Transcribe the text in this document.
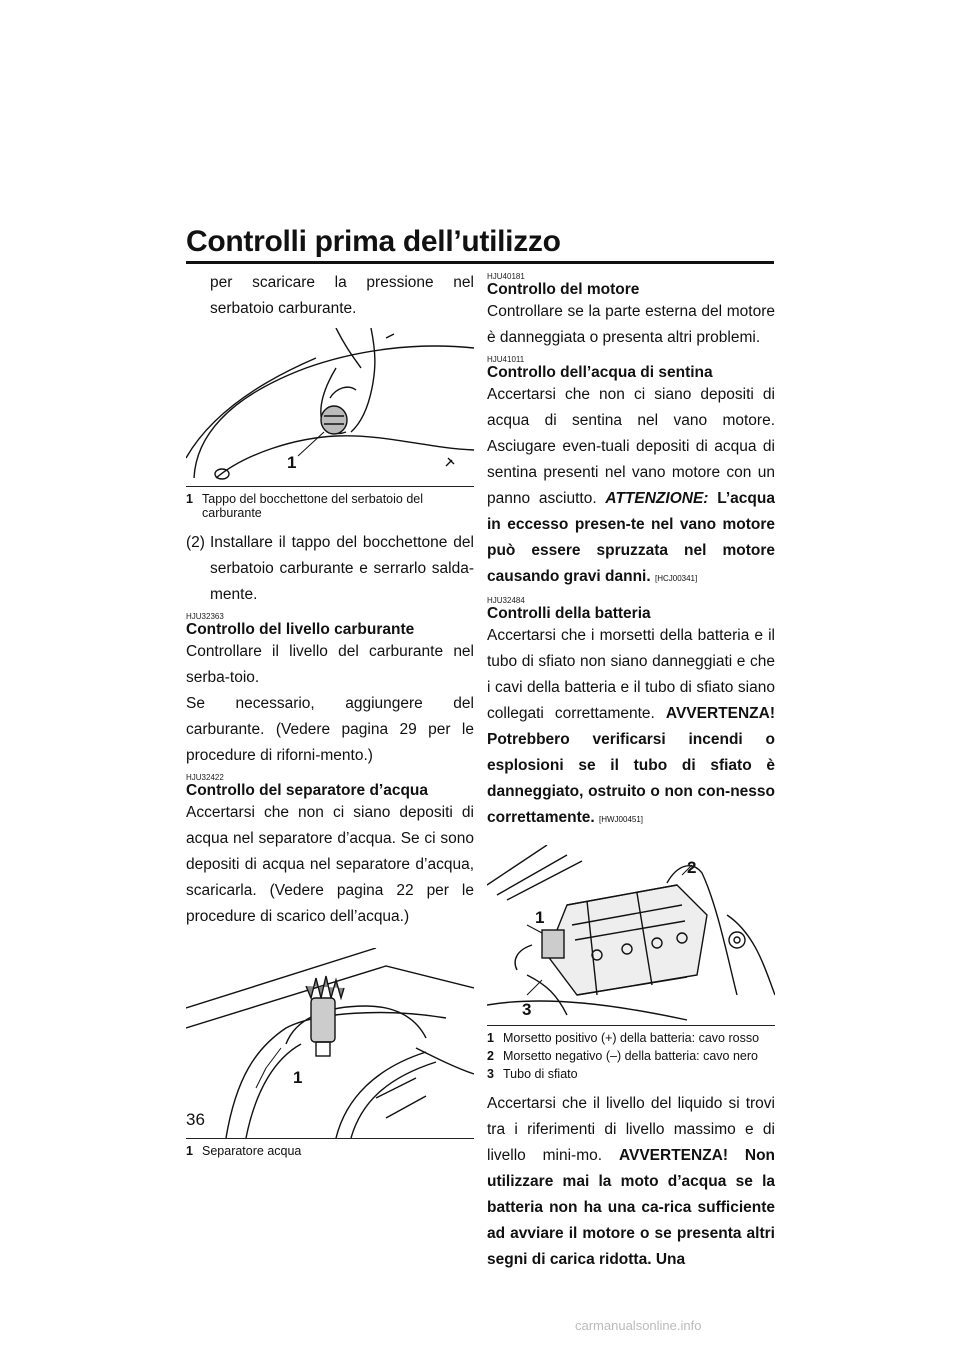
Controlli prima dell’utilizzo

per scaricare la pressione nel serbatoio carburante.

1
1 Tappo del bocchettone del serbatoio del carburante

(2) Installare il tappo del bocchettone del serbatoio carburante e serrarlo salda-mente.

HJU32363
Controllo del livello carburante

Controllare il livello del carburante nel serba-toio.

Se necessario, aggiungere del carburante. (Vedere pagina 29 per le procedure di riforni-mento.)

HJU32422
Controllo del separatore d’acqua

Accertarsi che non ci siano depositi di acqua nel separatore d’acqua. Se ci sono depositi di acqua nel separatore d’acqua, scaricarla. (Vedere pagina 22 per le procedure di scarico dell’acqua.)

1
1 Separatore acqua
HJU40181
Controllo del motore

Controllare se la parte esterna del motore è danneggiata o presenta altri problemi.

HJU41011
Controllo dell’acqua di sentina

Accertarsi che non ci siano depositi di acqua di sentina nel vano motore. Asciugare even-tuali depositi di acqua di sentina presenti nel vano motore con un panno asciutto. ATTENZIONE: L’acqua in eccesso presen-te nel vano motore può essere spruzzata nel motore causando gravi danni. [HCJ00341]

HJU32484
Controlli della batteria

Accertarsi che i morsetti della batteria e il tubo di sfiato non siano danneggiati e che i cavi della batteria e il tubo di sfiato siano collegati correttamente. AVVERTENZA! Potrebbero verificarsi incendi o esplosioni se il tubo di sfiato è danneggiato, ostruito o non con-nesso correttamente. [HWJ00451]

1
2
3
1 Morsetto positivo (+) della batteria: cavo rosso
2 Morsetto negativo (–) della batteria: cavo nero
3 Tubo di sfiato

Accertarsi che il livello del liquido si trovi tra i riferimenti di livello massimo e di livello mini-mo. AVVERTENZA! Non utilizzare mai la moto d’acqua se la batteria non ha una ca-rica sufficiente ad avviare il motore o se presenta altri segni di carica ridotta. Una

36
carmanualsonline.info
